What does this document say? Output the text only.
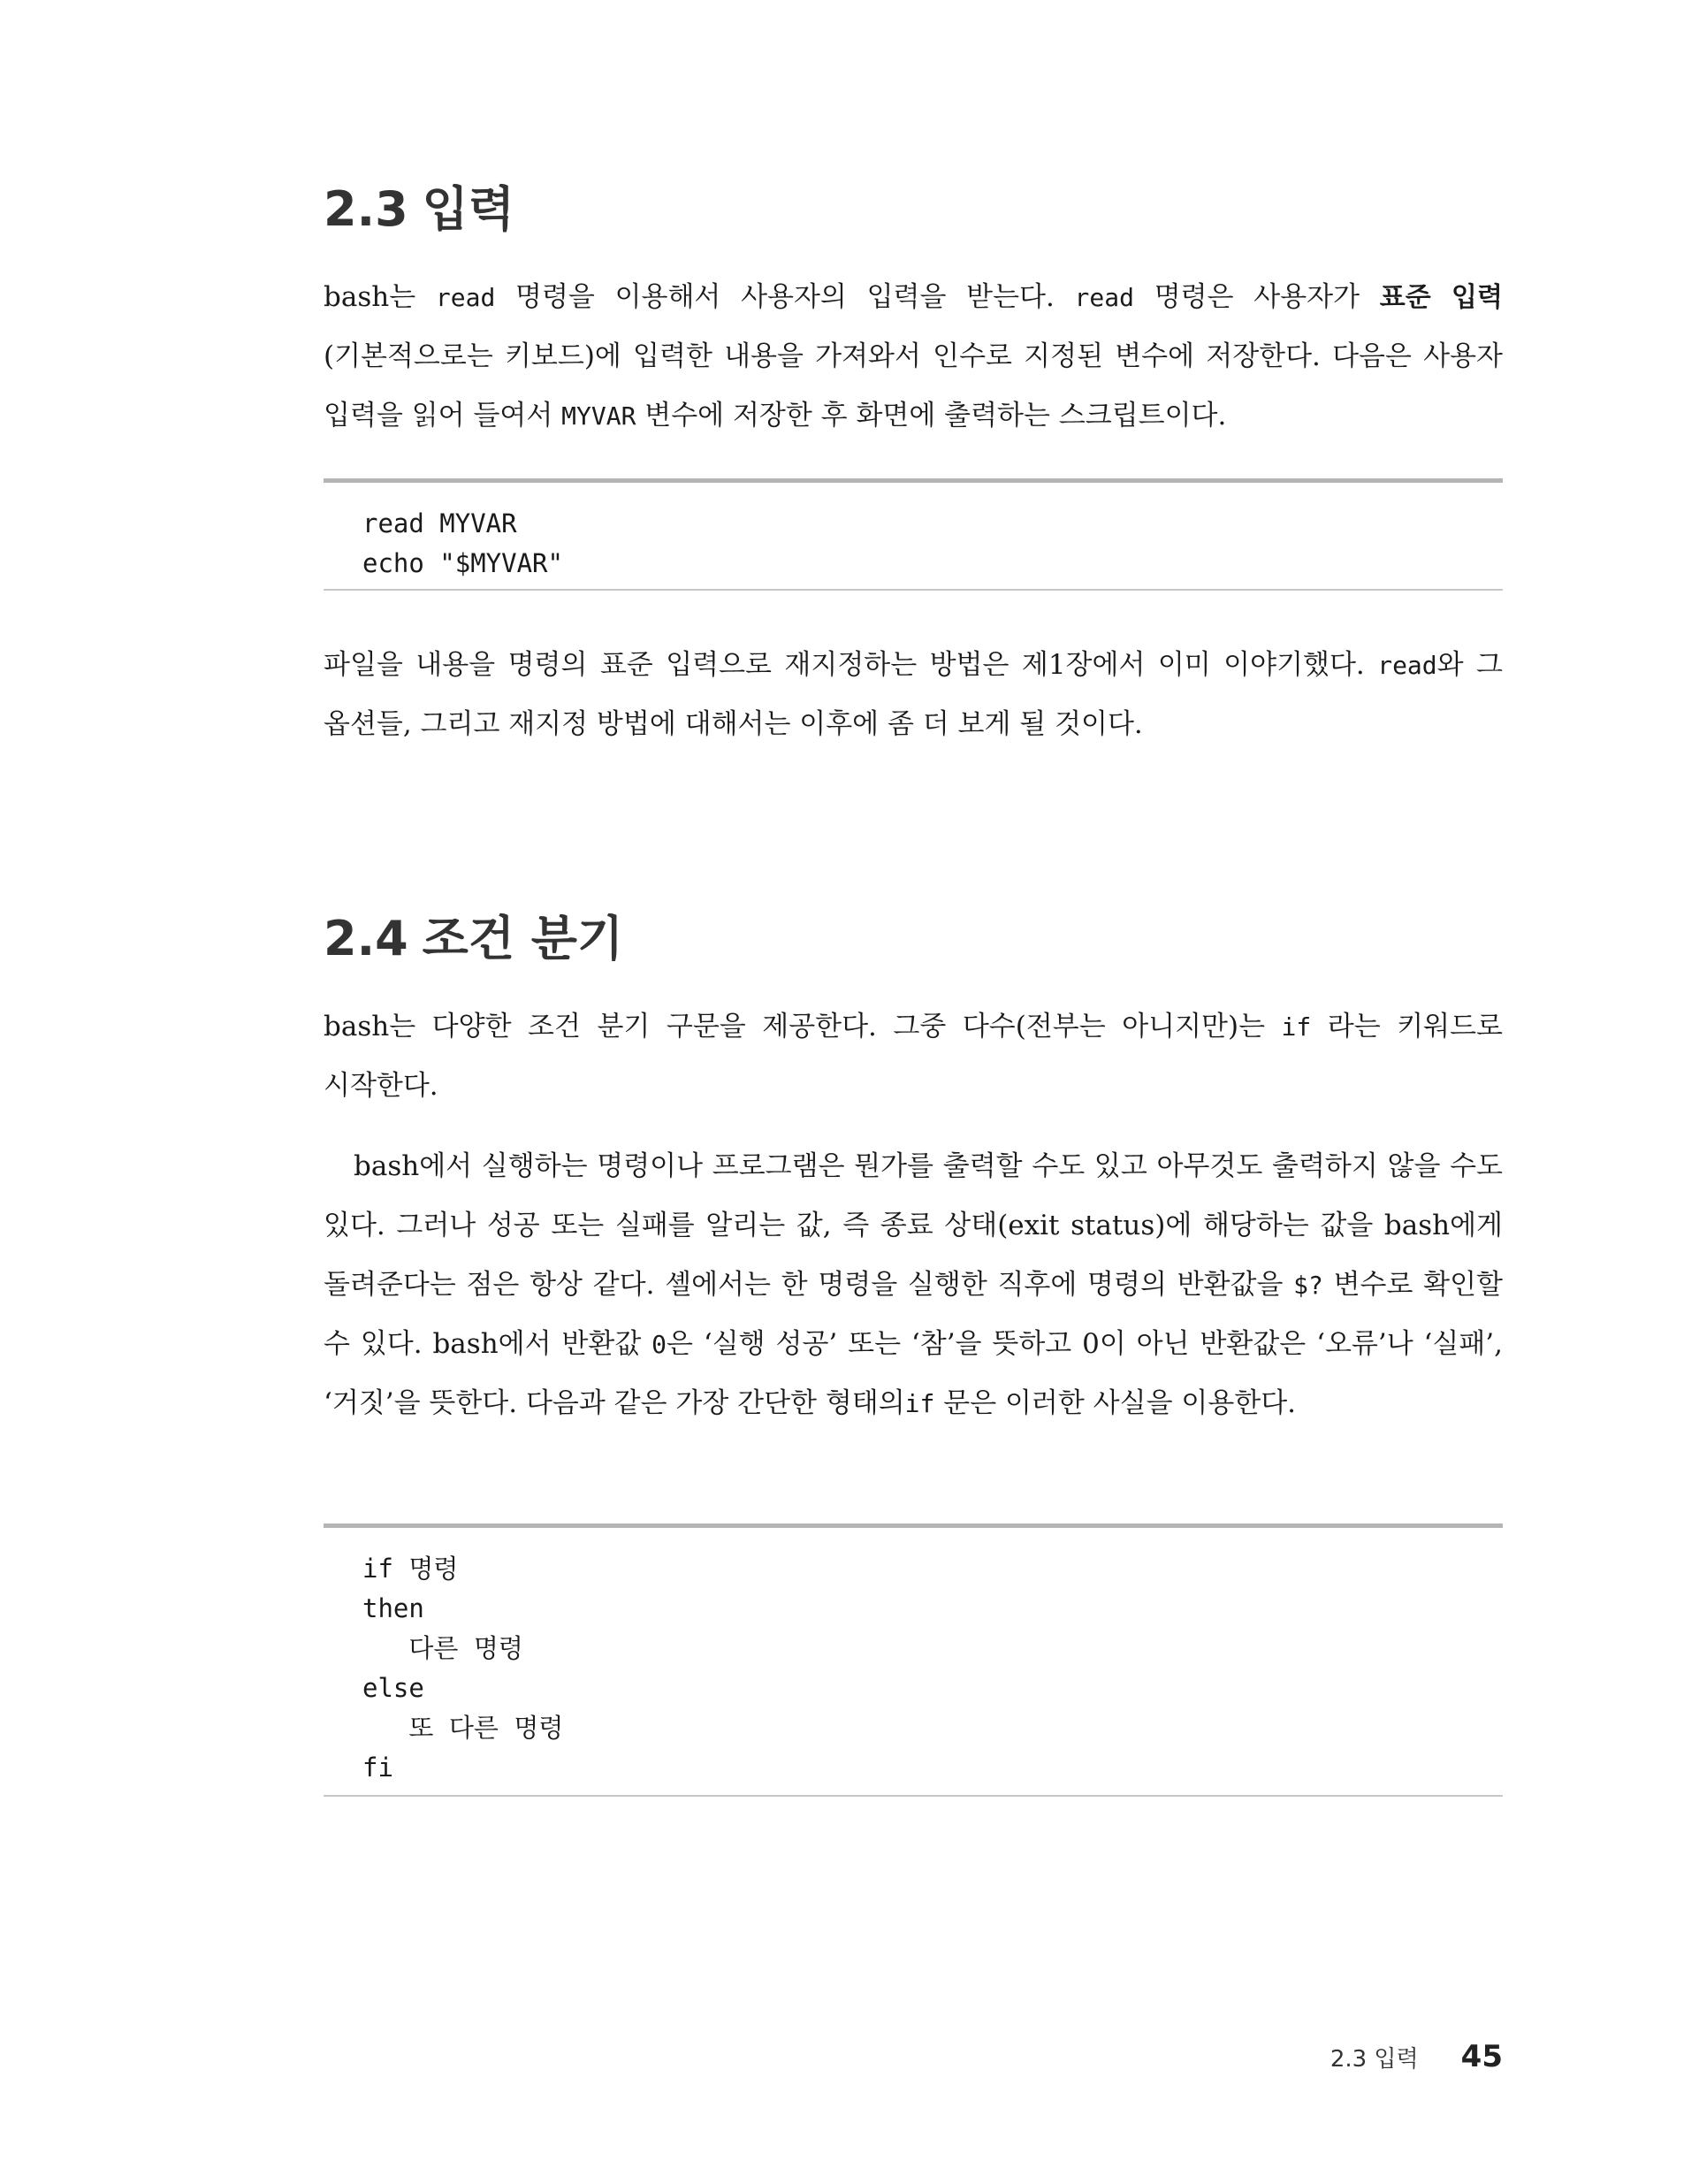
2.3 입력

bash는 read 명령을 이용해서 사용자의 입력을 받는다. read 명령은 사용자가 표준 입력(기본적으로는 키보드)에 입력한 내용을 가져와서 인수로 지정된 변수에 저장한다. 다음은 사용자 입력을 읽어 들여서 MYVAR 변수에 저장한 후 화면에 출력하는 스크립트이다.

read MYVAR
echo "$MYVAR"

파일을 내용을 명령의 표준 입력으로 재지정하는 방법은 제1장에서 이미 이야기했다. read와 그 옵션들, 그리고 재지정 방법에 대해서는 이후에 좀 더 보게 될 것이다.

2.4 조건 분기

bash는 다양한 조건 분기 구문을 제공한다. 그중 다수(전부는 아니지만)는 if 라는 키워드로 시작한다.

bash에서 실행하는 명령이나 프로그램은 뭔가를 출력할 수도 있고 아무것도 출력하지 않을 수도 있다. 그러나 성공 또는 실패를 알리는 값, 즉 종료 상태(exit status)에 해당하는 값을 bash에게 돌려준다는 점은 항상 같다. 셸에서는 한 명령을 실행한 직후에 명령의 반환값을 $? 변수로 확인할 수 있다. bash에서 반환값 0은 ‘실행 성공’ 또는 ‘참’을 뜻하고 0이 아닌 반환값은 ‘오류’나 ‘실패’, ‘거짓’을 뜻한다. 다음과 같은 가장 간단한 형태의if 문은 이러한 사실을 이용한다.

if 명령
then
다른 명령
else
또 다른 명령
fi
2.3 입력 45
